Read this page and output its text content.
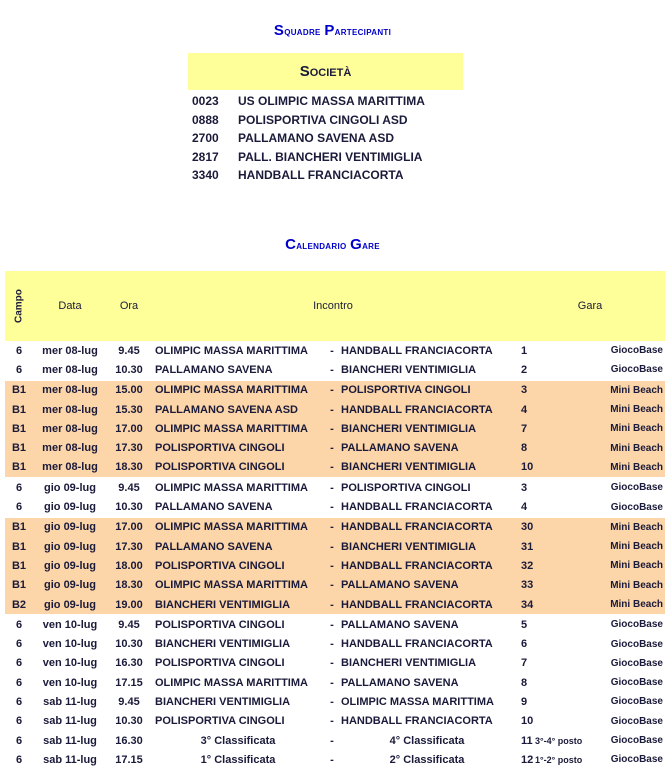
Squadre Partecipanti
Società
0023 US OLIMPIC MASSA MARITTIMA
0888 POLISPORTIVA CINGOLI ASD
2700 PALLAMANO SAVENA ASD
2817 PALL. BIANCHERI VENTIMIGLIA
3340 HANDBALL FRANCIACORTA
Calendario Gare
Campo	Data	Ora	Incontro			Gara		
6	mer 08-lug	9.45	OLIMPIC MASSA MARITTIMA	-	HANDBALL FRANCIACORTA	1		GiocoBase
6	mer 08-lug	10.30	PALLAMANO SAVENA	-	BIANCHERI VENTIMIGLIA	2		GiocoBase
B1	mer 08-lug	15.00	OLIMPIC MASSA MARITTIMA	-	POLISPORTIVA CINGOLI	3		Mini Beach
B1	mer 08-lug	15.30	PALLAMANO SAVENA ASD	-	HANDBALL FRANCIACORTA	4		Mini Beach
B1	mer 08-lug	17.00	OLIMPIC MASSA MARITTIMA	-	BIANCHERI VENTIMIGLIA	7		Mini Beach
B1	mer 08-lug	17.30	POLISPORTIVA CINGOLI	-	PALLAMANO SAVENA	8		Mini Beach
B1	mer 08-lug	18.30	POLISPORTIVA CINGOLI	-	BIANCHERI VENTIMIGLIA	10		Mini Beach
6	gio 09-lug	9.45	OLIMPIC MASSA MARITTIMA	-	POLISPORTIVA CINGOLI	3		GiocoBase
6	gio 09-lug	10.30	PALLAMANO SAVENA	-	HANDBALL FRANCIACORTA	4		GiocoBase
B1	gio 09-lug	17.00	OLIMPIC MASSA MARITTIMA	-	HANDBALL FRANCIACORTA	30		Mini Beach
B1	gio 09-lug	17.30	PALLAMANO SAVENA	-	BIANCHERI VENTIMIGLIA	31		Mini Beach
B1	gio 09-lug	18.00	POLISPORTIVA CINGOLI	-	HANDBALL FRANCIACORTA	32		Mini Beach
B1	gio 09-lug	18.30	OLIMPIC MASSA MARITTIMA	-	PALLAMANO SAVENA	33		Mini Beach
B2	gio 09-lug	19.00	BIANCHERI VENTIMIGLIA	-	HANDBALL FRANCIACORTA	34		Mini Beach
6	ven 10-lug	9.45	POLISPORTIVA CINGOLI	-	PALLAMANO SAVENA	5		GiocoBase
6	ven 10-lug	10.30	BIANCHERI VENTIMIGLIA	-	HANDBALL FRANCIACORTA	6		GiocoBase
6	ven 10-lug	16.30	POLISPORTIVA CINGOLI	-	BIANCHERI VENTIMIGLIA	7		GiocoBase
6	ven 10-lug	17.15	OLIMPIC MASSA MARITTIMA	-	PALLAMANO SAVENA	8		GiocoBase
6	sab 11-lug	9.45	BIANCHERI VENTIMIGLIA	-	OLIMPIC MASSA MARITTIMA	9		GiocoBase
6	sab 11-lug	10.30	POLISPORTIVA CINGOLI	-	HANDBALL FRANCIACORTA	10		GiocoBase
6	sab 11-lug	16.30	3° Classificata	-	4° Classificata	11	3°-4° posto	GiocoBase
6	sab 11-lug	17.15	1° Classificata	-	2° Classificata	12	1°-2° posto	GiocoBase
